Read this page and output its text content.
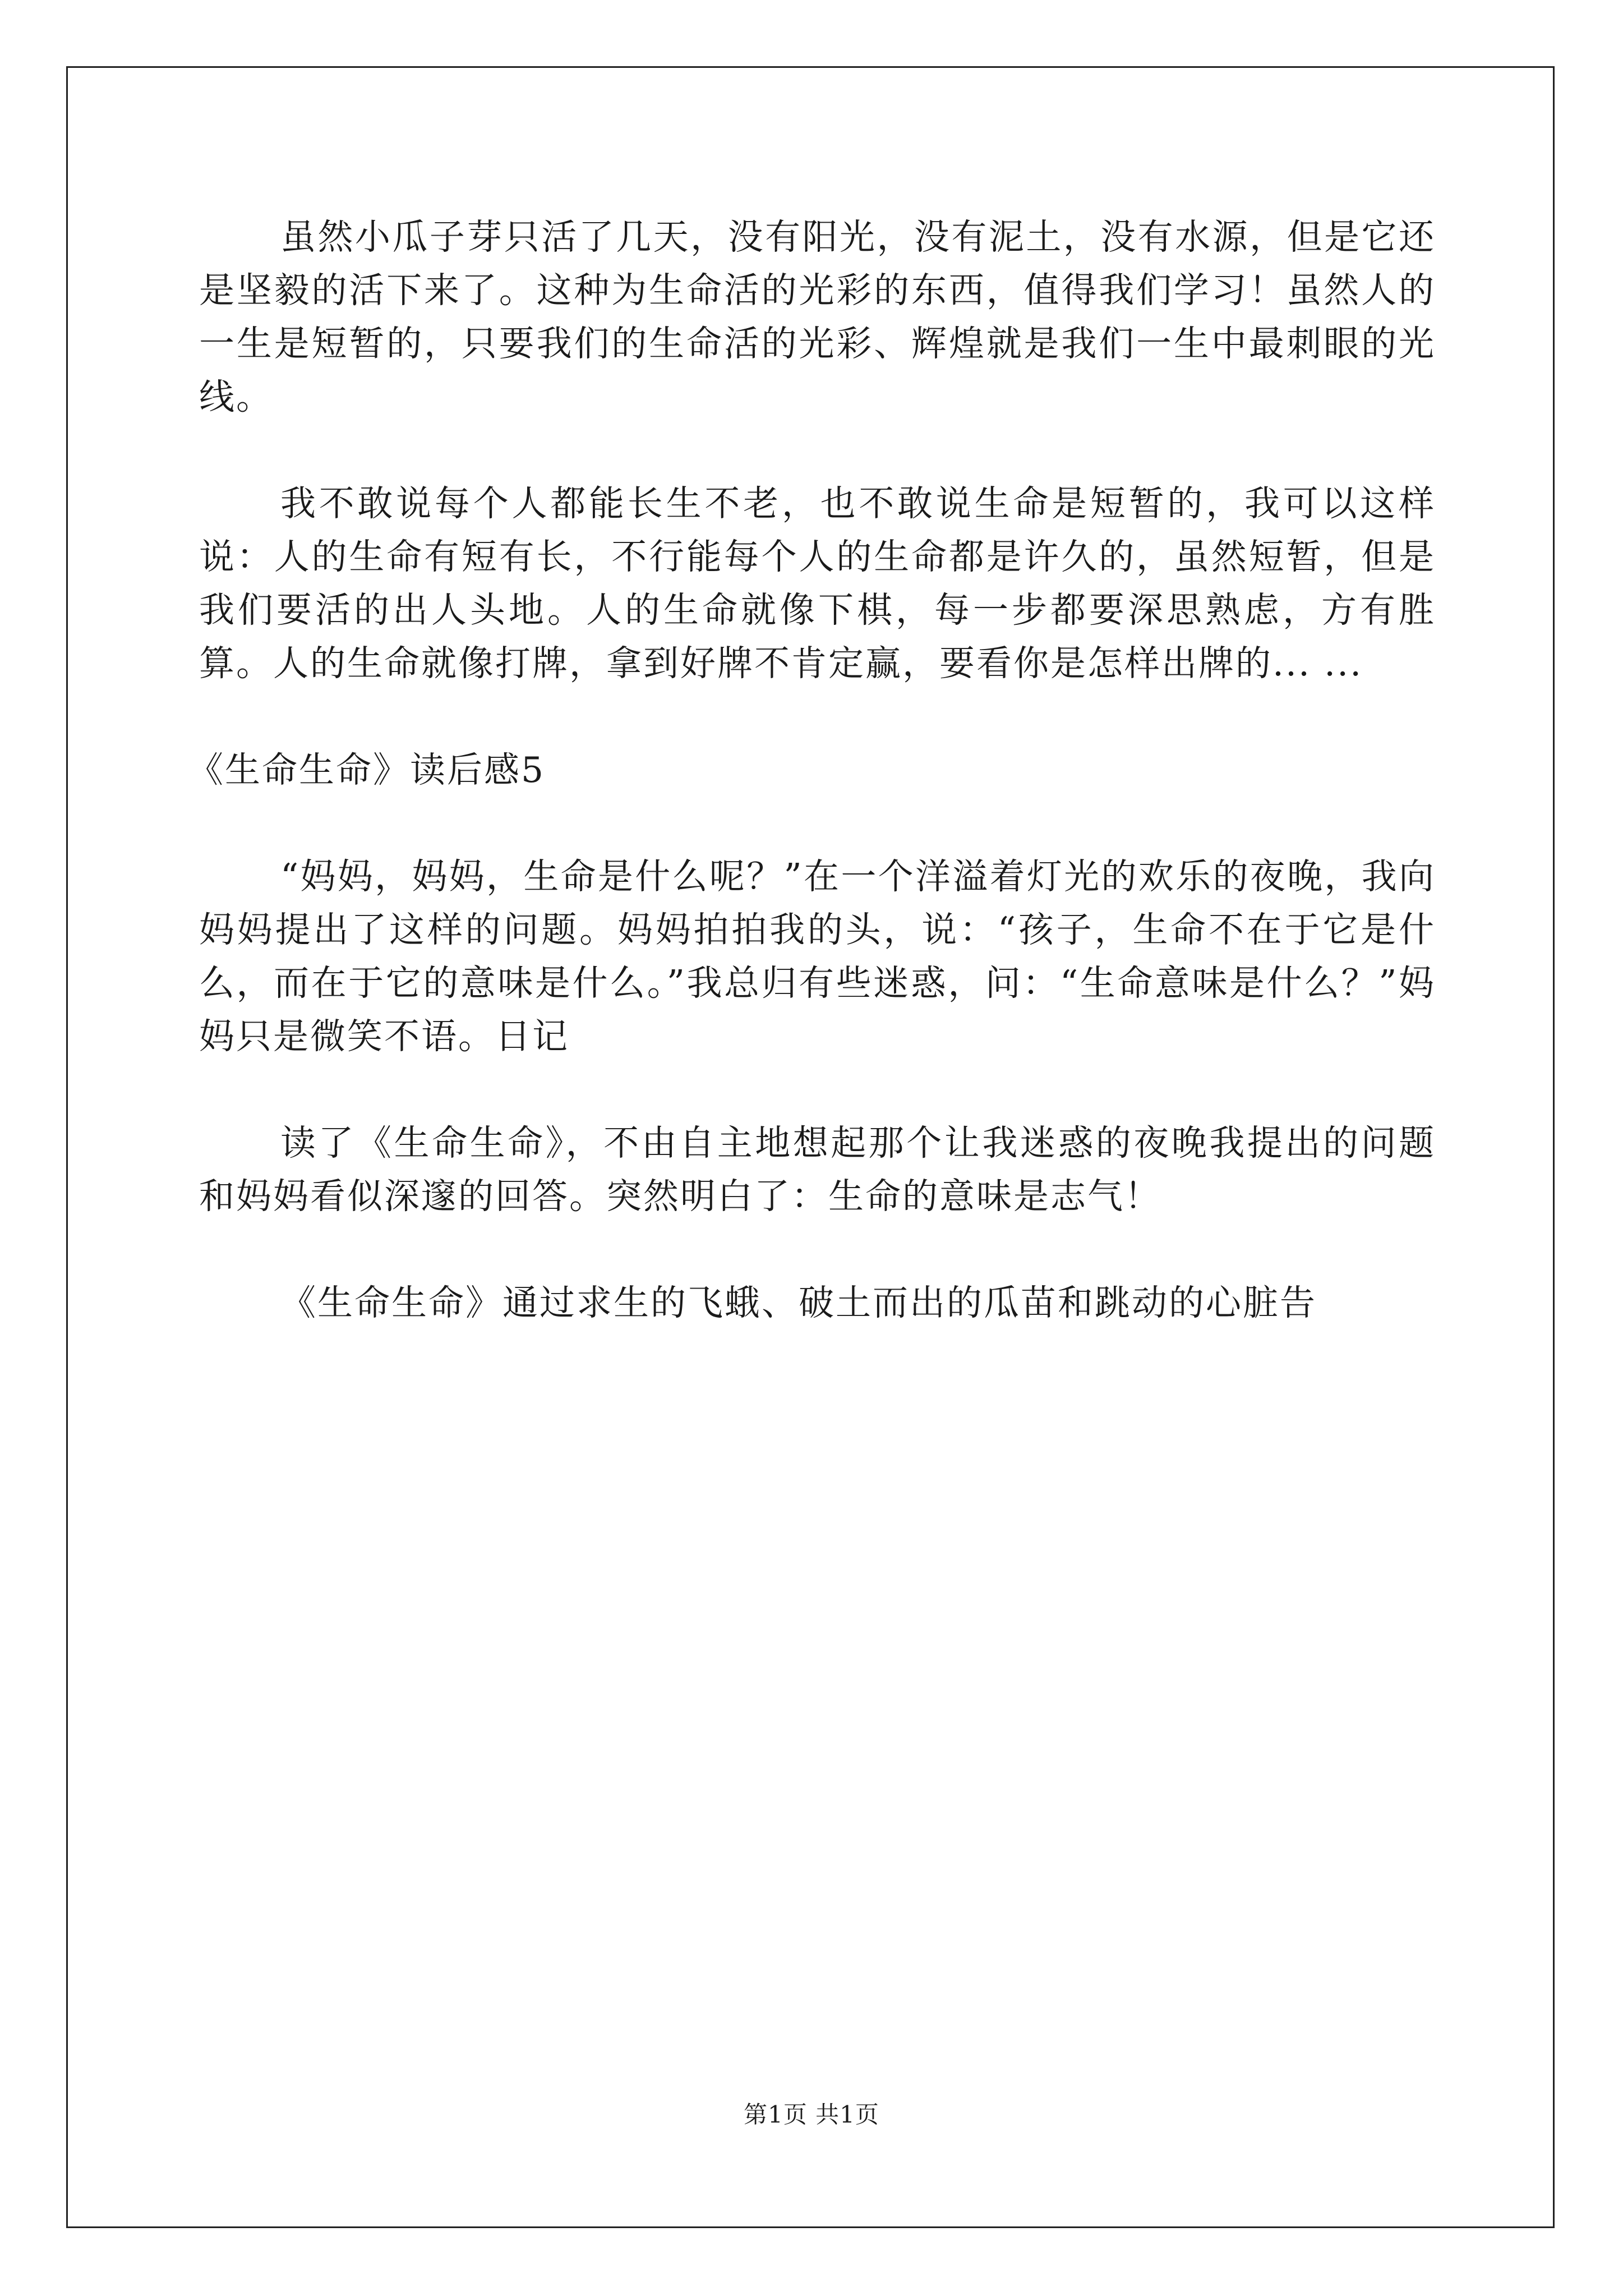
虽然小瓜子芽只活了几天，没有阳光，没有泥土，没有水源，但是它还是坚毅的活下来了。这种为生命活的光彩的东西，值得我们学习！虽然人的一生是短暂的，只要我们的生命活的光彩、辉煌就是我们一生中最刺眼的光线。

我不敢说每个人都能长生不老，也不敢说生命是短暂的，我可以这样说：人的生命有短有长，不行能每个人的生命都是许久的，虽然短暂，但是我们要活的出人头地。人的生命就像下棋，每一步都要深思熟虑，方有胜算。人的生命就像打牌，拿到好牌不肯定赢，要看你是怎样出牌的... ...

《生命生命》读后感5

“妈妈，妈妈，生命是什么呢？”在一个洋溢着灯光的欢乐的夜晚，我向妈妈提出了这样的问题。妈妈拍拍我的头，说：“孩子，生命不在于它是什么，而在于它的意味是什么。”我总归有些迷惑，问：“生命意味是什么？”妈妈只是微笑不语。日记

读了《生命生命》，不由自主地想起那个让我迷惑的夜晚我提出的问题和妈妈看似深邃的回答。突然明白了：生命的意味是志气！

《生命生命》通过求生的飞蛾、破土而出的瓜苗和跳动的心脏告

第1页 共1页
